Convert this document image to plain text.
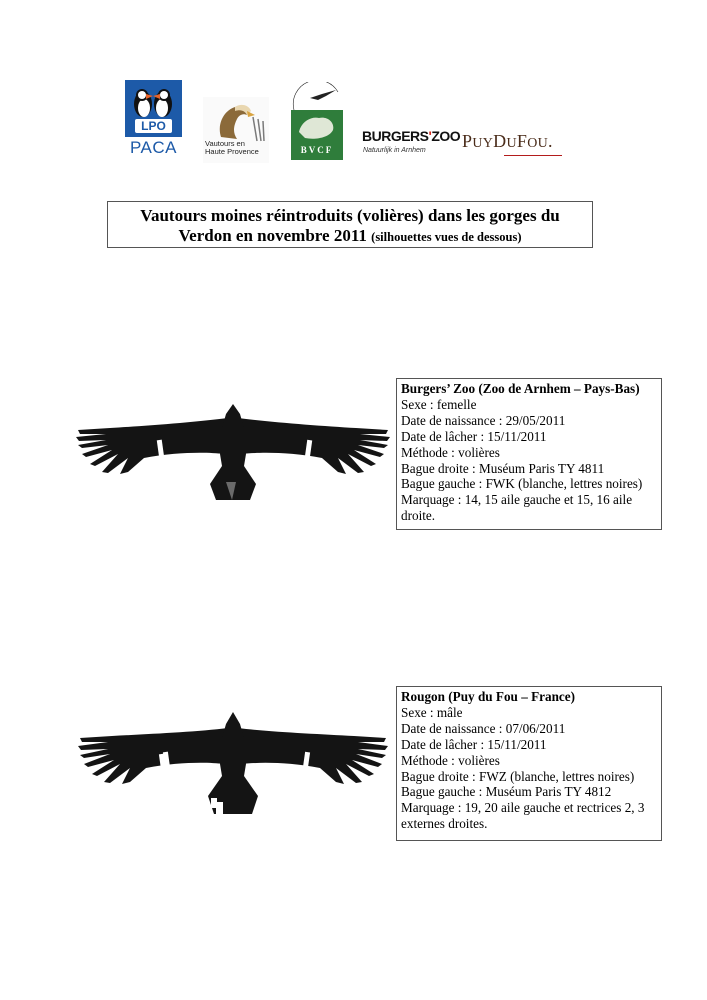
LPO
PACA	Vautours en
Haute Provence	BVCF
BURGERS'ZOO
Natuurlijk in Arnhem PUYDUFOU.
Vautours moines réintroduits (volières) dans les gorges du
Verdon en novembre 2011 (silhouettes vues de dessous)
Burgers’ Zoo (Zoo de Arnhem – Pays-Bas)
Sexe : femelle
Date de naissance : 29/05/2011
Date de lâcher : 15/11/2011
Méthode : volières
Bague droite : Muséum Paris TY 4811
Bague gauche : FWK (blanche, lettres noires)
Marquage : 14, 15 aile gauche et 15, 16 aile
droite.
Rougon (Puy du Fou – France)
Sexe : mâle
Date de naissance : 07/06/2011
Date de lâcher : 15/11/2011
Méthode : volières
Bague droite : FWZ (blanche, lettres noires)
Bague gauche : Muséum Paris TY 4812
Marquage : 19, 20 aile gauche et rectrices 2, 3
externes droites.
